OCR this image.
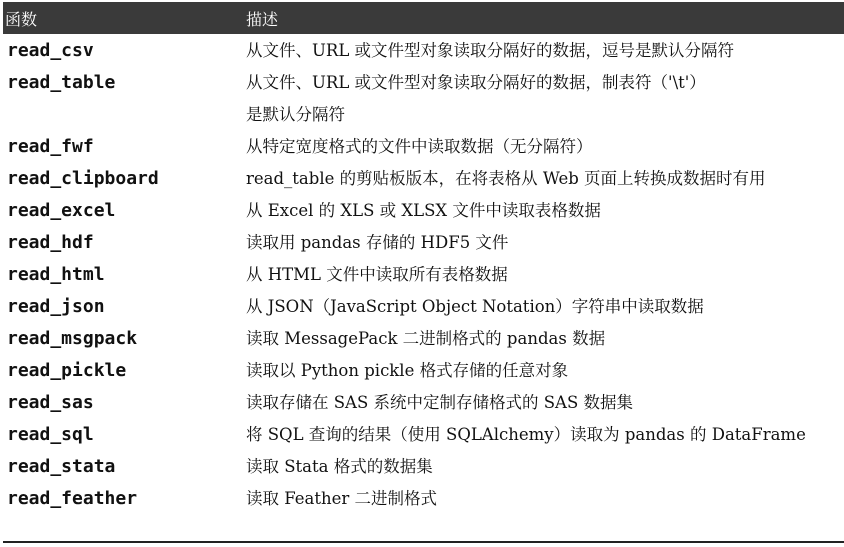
函数	描述
read_csv	从文件、URL 或文件型对象读取分隔好的数据，逗号是默认分隔符
read_table	从文件、URL 或文件型对象读取分隔好的数据，制表符（'\t'）
是默认分隔符
read_fwf	从特定宽度格式的文件中读取数据（无分隔符）
read_clipboard	read_table 的剪贴板版本，在将表格从 Web 页面上转换成数据时有用
read_excel	从 Excel 的 XLS 或 XLSX 文件中读取表格数据
read_hdf	读取用 pandas 存储的 HDF5 文件
read_html	从 HTML 文件中读取所有表格数据
read_json	从 JSON（JavaScript Object Notation）字符串中读取数据
read_msgpack	读取 MessagePack 二进制格式的 pandas 数据
read_pickle	读取以 Python pickle 格式存储的任意对象
read_sas	读取存储在 SAS 系统中定制存储格式的 SAS 数据集
read_sql	将 SQL 查询的结果（使用 SQLAlchemy）读取为 pandas 的 DataFrame
read_stata	读取 Stata 格式的数据集
read_feather	读取 Feather 二进制格式
